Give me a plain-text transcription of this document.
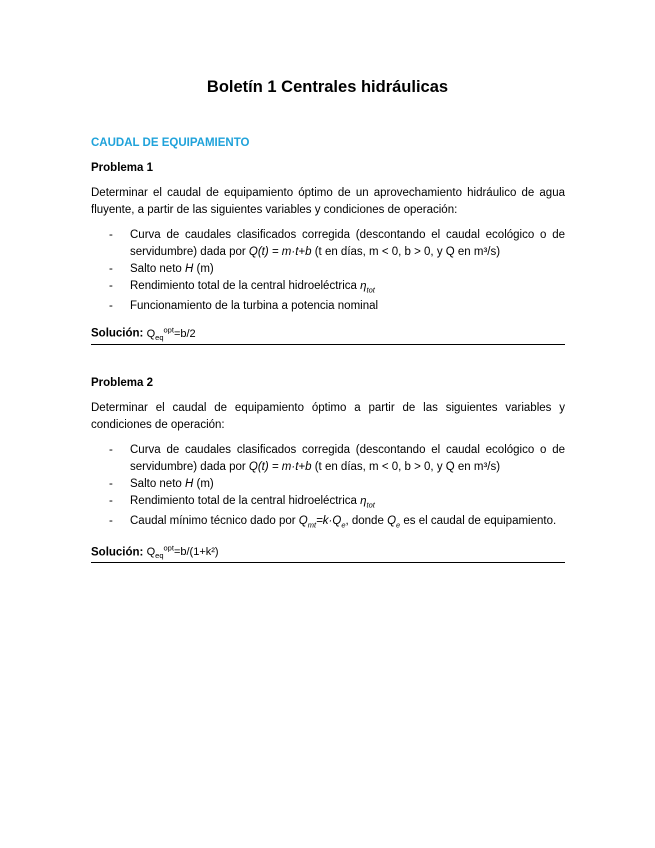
Boletín 1 Centrales hidráulicas
CAUDAL DE EQUIPAMIENTO
Problema 1
Determinar el caudal de equipamiento óptimo de un aprovechamiento hidráulico de agua fluyente, a partir de las siguientes variables y condiciones de operación:
- Curva de caudales clasificados corregida (descontando el caudal ecológico o de servidumbre) dada por Q(t) = m·t+b (t en días, m < 0, b > 0, y Q en m³/s)
- Salto neto H (m)
- Rendimiento total de la central hidroeléctrica $\eta_{tot}$
- Funcionamiento de la turbina a potencia nominal
Solución: $Q_{eq}^{opt}=b/2$
Problema 2
Determinar el caudal de equipamiento óptimo a partir de las siguientes variables y condiciones de operación:
- Curva de caudales clasificados corregida (descontando el caudal ecológico o de servidumbre) dada por Q(t) = m·t+b (t en días, m < 0, b > 0, y Q en m³/s)
- Salto neto H (m)
- Rendimiento total de la central hidroeléctrica $\eta_{tot}$
- Caudal mínimo técnico dado por $Q_{mt}=k\cdot Q_e$, donde $Q_e$ es el caudal de equipamiento.
Solución: $Q_{eq}^{opt}=b/(1+k^2)$
